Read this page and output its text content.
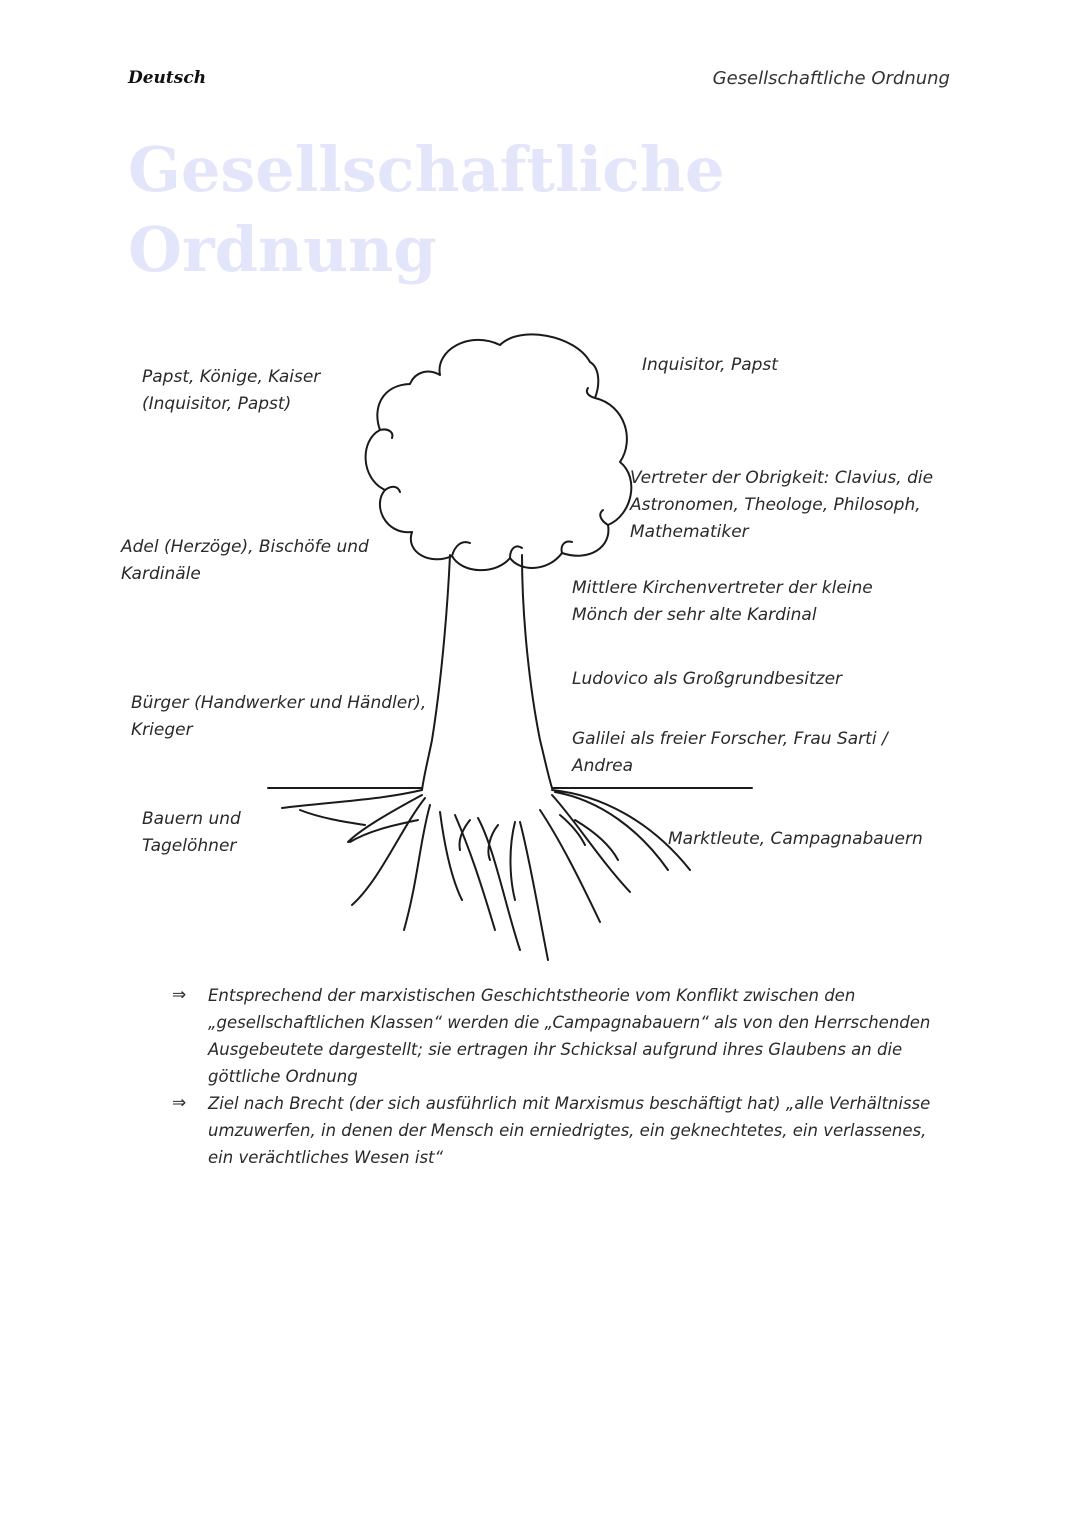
Deutsch	Gesellschaftliche Ordnung
Gesellschaftliche
Ordnung
Papst, Könige, Kaiser
(Inquisitor, Papst)
Adel (Herzöge), Bischöfe und
Kardinäle
Bürger (Handwerker und Händler),
Krieger
Bauern und
Tagelöhner
Inquisitor, Papst
Vertreter der Obrigkeit: Clavius, die
Astronomen, Theologe, Philosoph,
Mathematiker
Mittlere Kirchenvertreter der kleine
Mönch der sehr alte Kardinal
Ludovico als Großgrundbesitzer
Galilei als freier Forscher, Frau Sarti /
Andrea
Marktleute, Campagnabauern
⇒ Entsprechend der marxistischen Geschichtstheorie vom Konflikt zwischen den „gesellschaftlichen Klassen“ werden die „Campagnabauern“ als von den Herrschenden Ausgebeutete dargestellt; sie ertragen ihr Schicksal aufgrund ihres Glaubens an die göttliche Ordnung
⇒ Ziel nach Brecht (der sich ausführlich mit Marxismus beschäftigt hat) „alle Verhältnisse umzuwerfen, in denen der Mensch ein erniedrigtes, ein geknechtetes, ein verlassenes, ein verächtliches Wesen ist“
